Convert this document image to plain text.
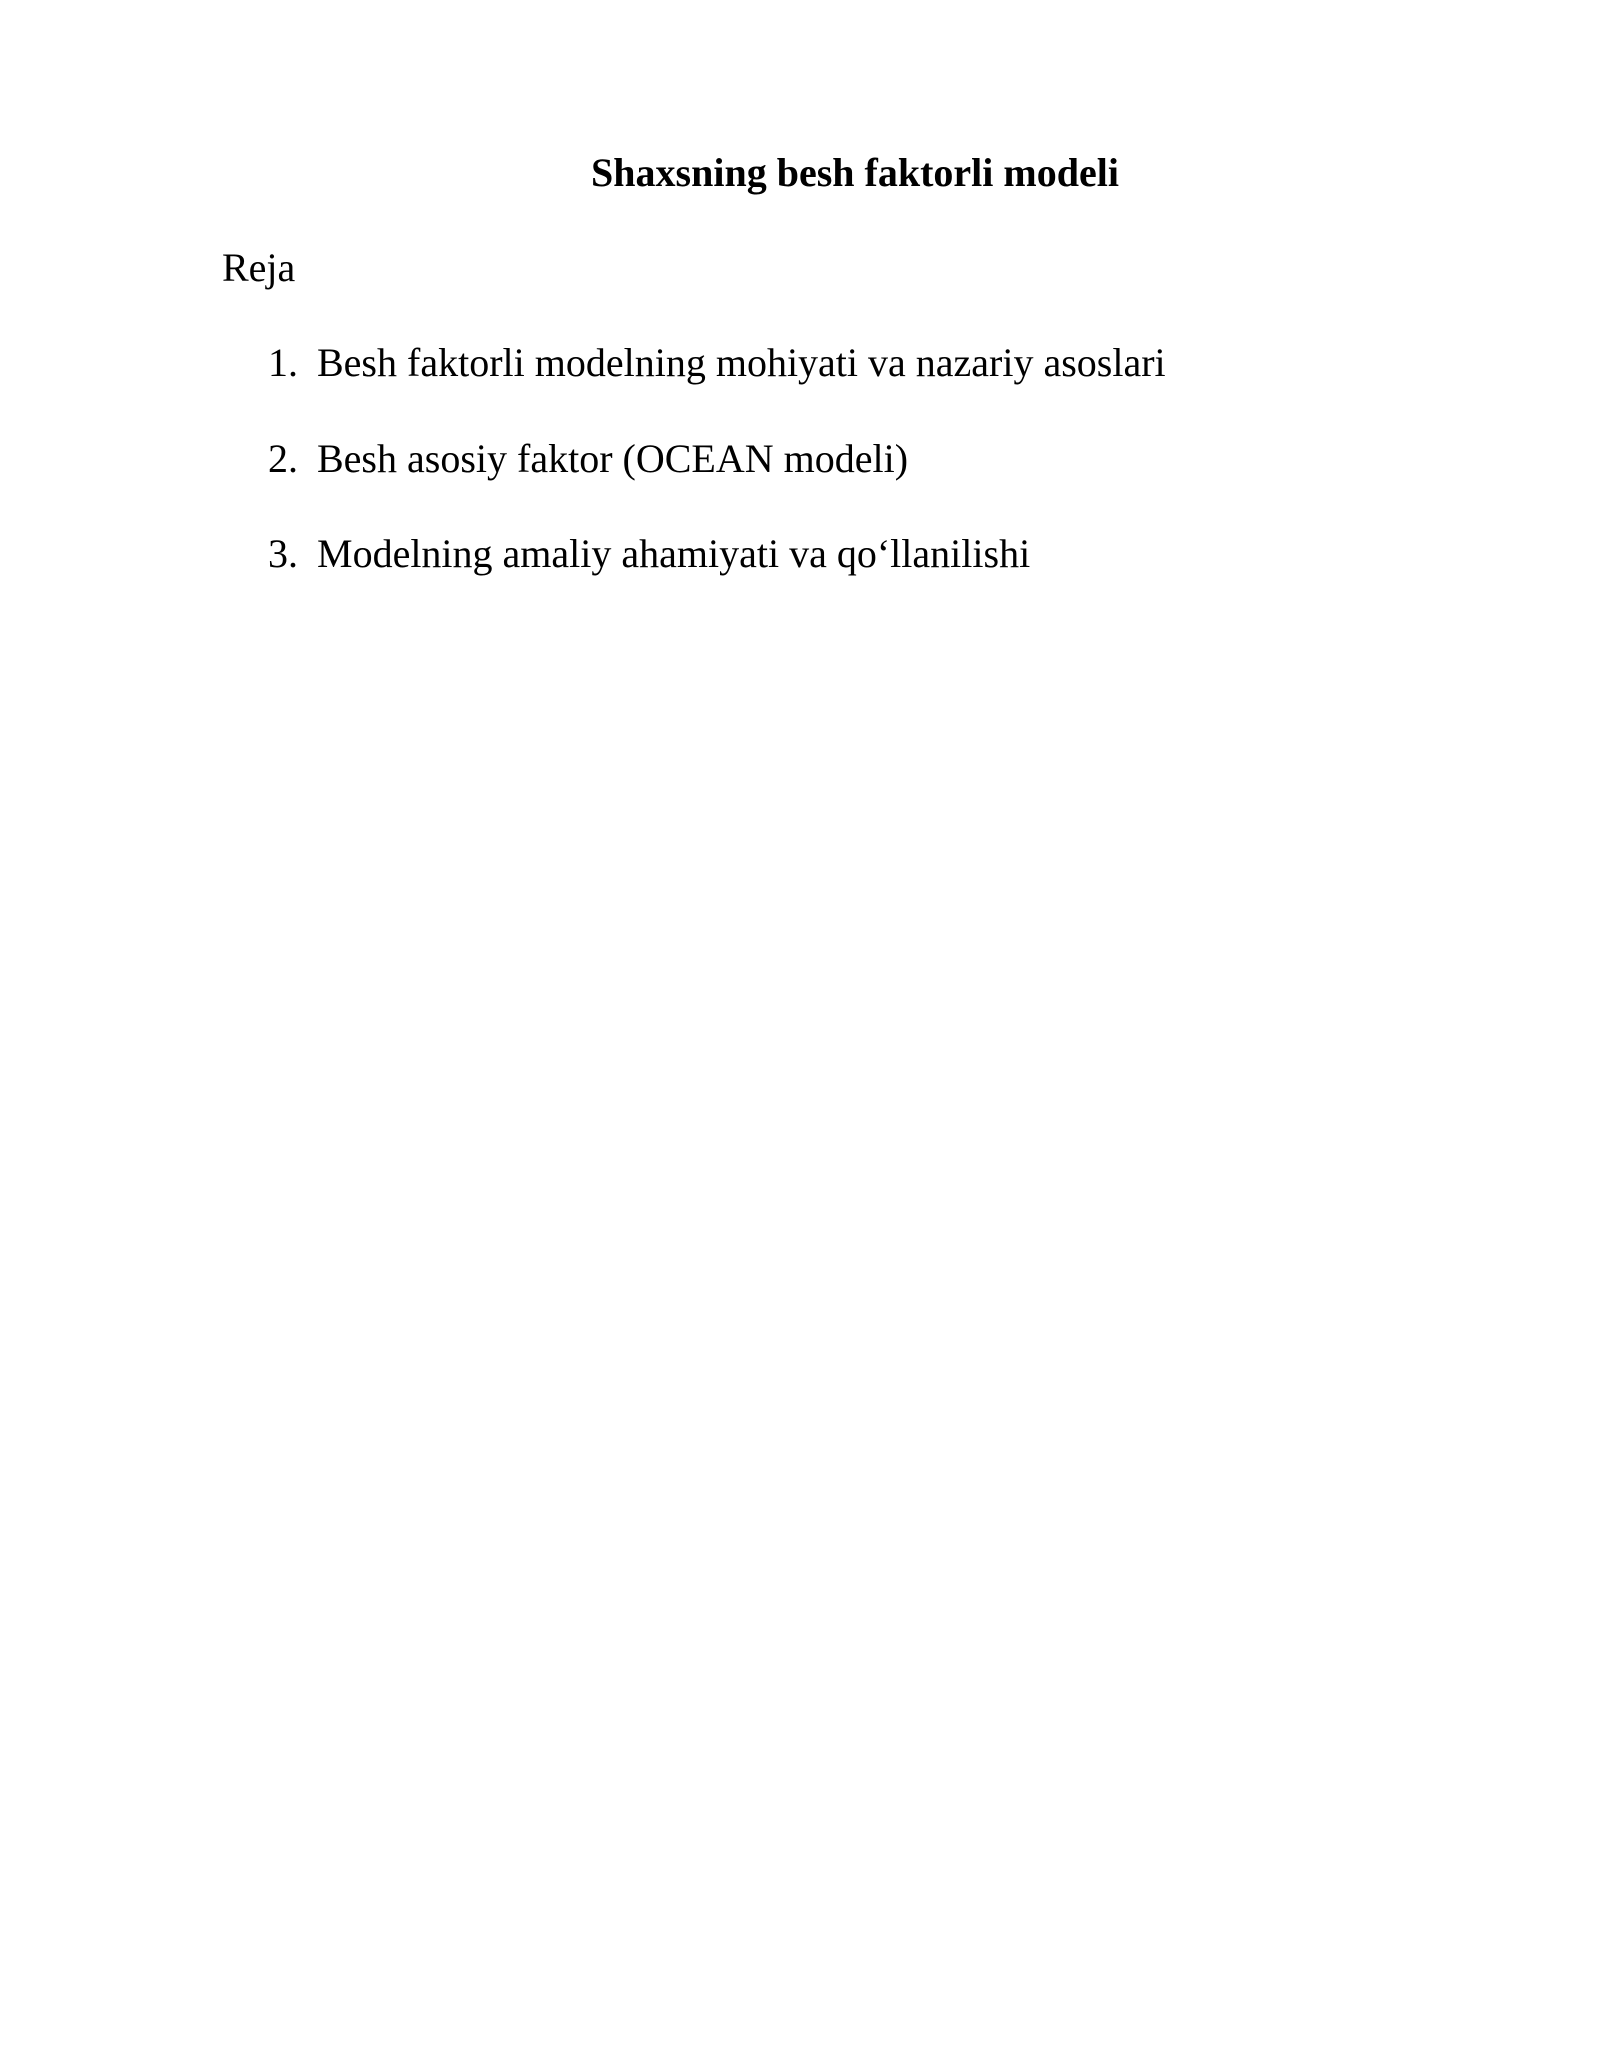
Shaxsning besh faktorli modeli
Reja
1. Besh faktorli modelning mohiyati va nazariy asoslari
2. Besh asosiy faktor (OCEAN modeli)
3. Modelning amaliy ahamiyati va qo‘llanilishi
